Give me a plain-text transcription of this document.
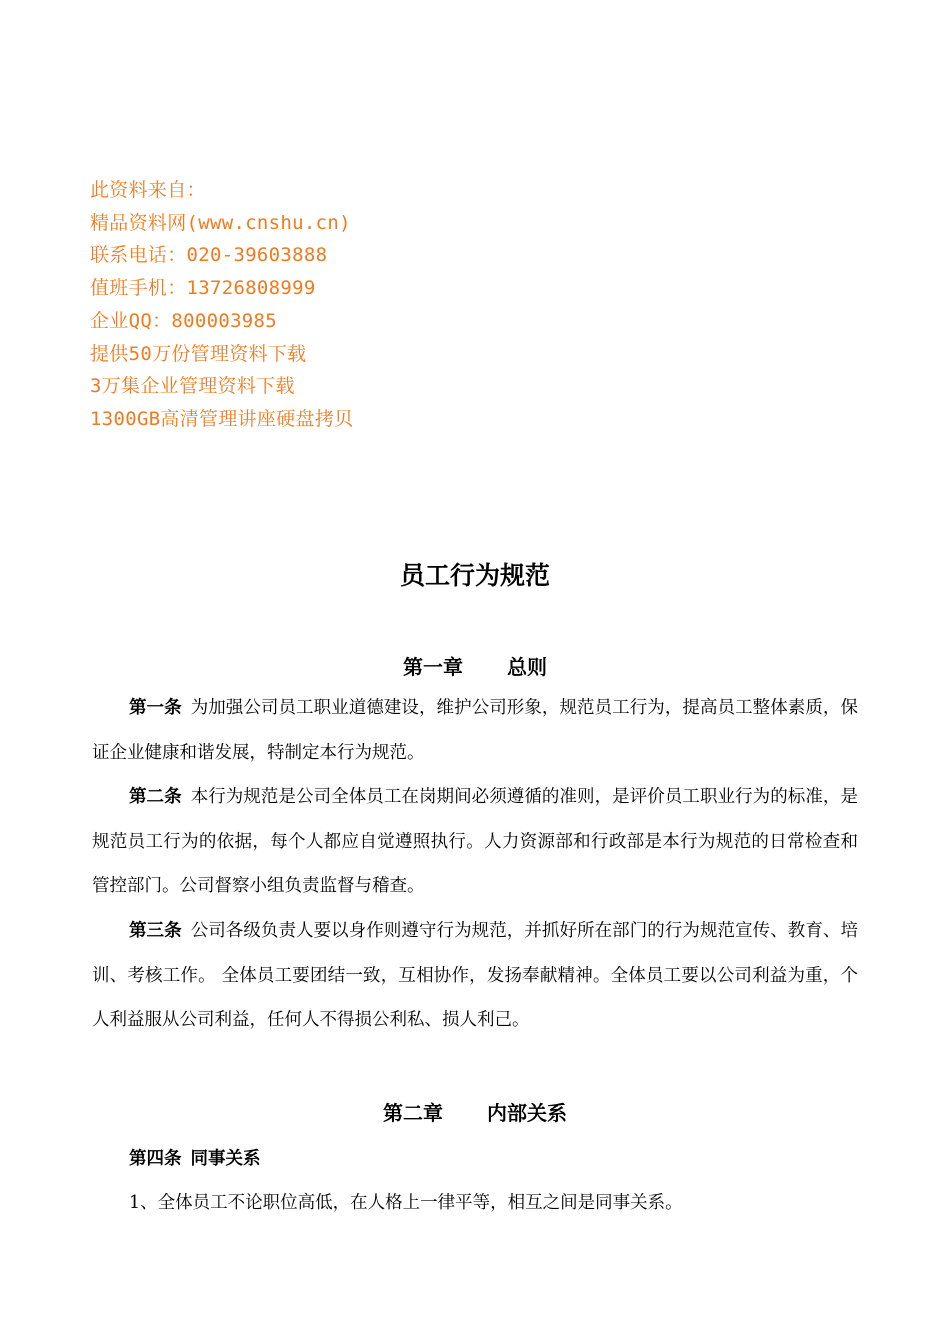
此资料来自：
精品资料网(www.cnshu.cn)
联系电话：020-39603888
值班手机：13726808999
企业QQ：800003985
提供50万份管理资料下载
3万集企业管理资料下载
1300GB高清管理讲座硬盘拷贝
员工行为规范
第一章 总则
第一条 为加强公司员工职业道德建设，维护公司形象，规范员工行为，提高员工整体素质，保证企业健康和谐发展，特制定本行为规范。
第二条 本行为规范是公司全体员工在岗期间必须遵循的准则，是评价员工职业行为的标准，是规范员工行为的依据，每个人都应自觉遵照执行。人力资源部和行政部是本行为规范的日常检查和管控部门。公司督察小组负责监督与稽查。
第三条 公司各级负责人要以身作则遵守行为规范，并抓好所在部门的行为规范宣传、教育、培训、考核工作。 全体员工要团结一致，互相协作，发扬奉献精神。全体员工要以公司利益为重，个人利益服从公司利益，任何人不得损公利私、损人利己。
第二章 内部关系
第四条 同事关系
1、全体员工不论职位高低，在人格上一律平等，相互之间是同事关系。
